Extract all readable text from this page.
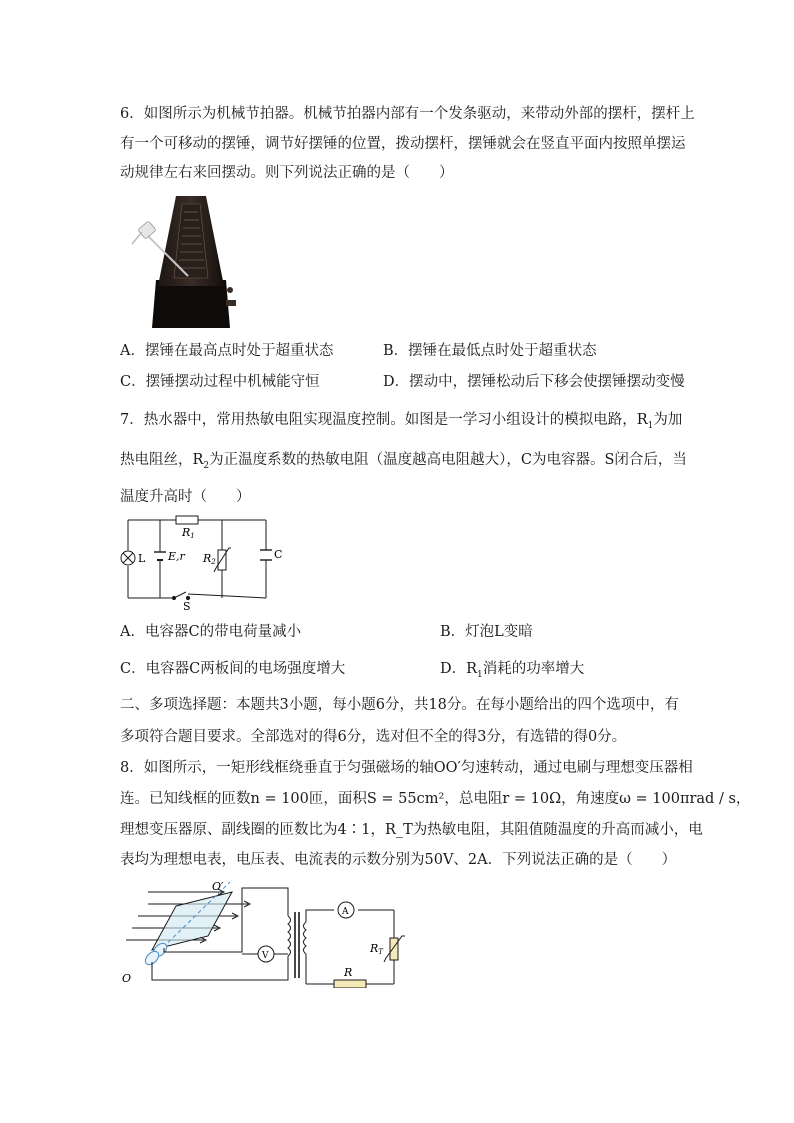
6．如图所示为机械节拍器。机械节拍器内部有一个发条驱动，来带动外部的摆杆，摆杆上
有一个可移动的摆锤，调节好摆锤的位置，拨动摆杆，摆锤就会在竖直平面内按照单摆运
动规律左右来回摆动。则下列说法正确的是（　　）
A．摆锤在最高点时处于超重状态	B．摆锤在最低点时处于超重状态
C．摆锤摆动过程中机械能守恒	D．摆动中，摆锤松动后下移会使摆锤摆动变慢
7．热水器中，常用热敏电阻实现温度控制。如图是一学习小组设计的模拟电路，$R_1$为加
热电阻丝，$R_2$为正温度系数的热敏电阻（温度越高电阻越大），C为电容器。S闭合后，当
温度升高时（　　）
R1
L E,r R2
C
S
A．电容器C的带电荷量减小	B．灯泡L变暗
C．电容器C两板间的电场强度增大	D．$R_1$消耗的功率增大
二、多项选择题：本题共3小题，每小题6分，共18分。在每小题给出的四个选项中，有
多项符合题目要求。全部选对的得6分，选对但不全的得3分，有选错的得0分。
8．如图所示，一矩形线框绕垂直于匀强磁场的轴OO′匀速转动，通过电刷与理想变压器相
连。已知线框的匝数n = 100匝，面积S = 55cm²，总电阻r = 10Ω，角速度ω = 100πrad / s，
理想变压器原、副线圈的匝数比为4∶1，R_T为热敏电阻，其阻值随温度的升高而减小，电
表均为理想电表，电压表、电流表的示数分别为50V、2A．下列说法正确的是（　　）
O′
O
V
A
RT
R
